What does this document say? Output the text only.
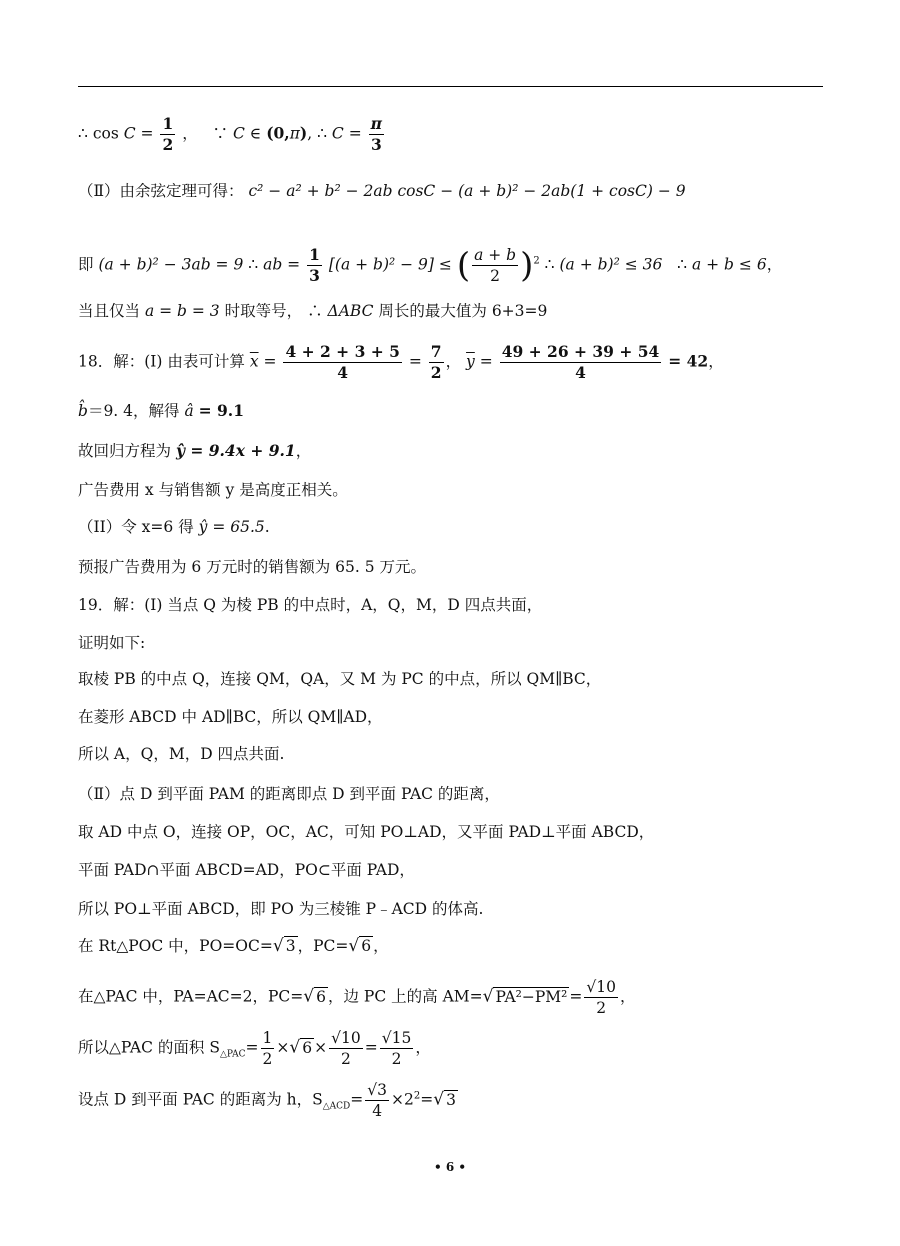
∴ $\cos C = \frac{1}{2}$ ， ∵ C ∈ (0,π), ∴ $C = \frac{\pi}{3}$
（Ⅱ）由余弦定理可得： c² − a² + b² − 2ab cosC − (a + b)² − 2ab(1 + cosC) − 9
即 (a + b)² − 3ab = 9 ∴ ab = $\frac{1}{3} [(a + b)^2 - 9]$ ≤ ( $\frac{a + b}{2} )^2$ ∴ (a + b)² ≤ 36 ∴ a + b ≤ 6，
当且仅当 a = b = 3 时取等号， ∴ ΔABC 周长的最大值为 6+3=9
18．解：(I) 由表可计算 $\overline{x} = \frac{4 + 2 + 3 + 5}{4} = \frac{7}{2}$ ， $\overline{y} = \frac{49 + 26 + 39 + 54}{4} = 42$，
b̂＝9. 4，解得 â = 9.1
故回归方程为 ŷ = 9.4x + 9.1，
广告费用 x 与销售额 y 是高度正相关。
（II）令 x=6 得 ŷ = 65.5.
预报广告费用为 6 万元时的销售额为 65. 5 万元。
19．解：(Ⅰ) 当点 Q 为棱 PB 的中点时，A，Q，M，D 四点共面，
证明如下:
取棱 PB 的中点 Q，连接 QM，QA，又 M 为 PC 的中点，所以 QM∥BC，
在菱形 ABCD 中 AD∥BC，所以 QM∥AD，
所以 A，Q，M，D 四点共面.
（Ⅱ）点 D 到平面 PAM 的距离即点 D 到平面 PAC 的距离，
取 AD 中点 O，连接 OP，OC，AC，可知 PO⊥AD，又平面 PAD⊥平面 ABCD，
平面 PAD∩平面 ABCD=AD，PO⊂平面 PAD，
所以 PO⊥平面 ABCD，即 PO 为三棱锥 P﹣ACD 的体高.
在 Rt△POC 中，PO=OC=√ 3 ，PC=√ 6 ，
在△PAC 中，PA=AC=2，PC=√ 6 ，边 PC 上的高 AM=√ $PA^2-PM^2 = \frac{√10}{2}$ ，
所以△PAC 的面积 $S_{\triangle PAC}= \frac{1}{2}$ ×√ $6 \times \frac{√10}{2} = \frac{√15}{2}$ ，
设点 D 到平面 PAC 的距离为 h，$S_{\triangle ACD}= \frac{√3}{4} \times 2^2=√$ 3
• 6 •
